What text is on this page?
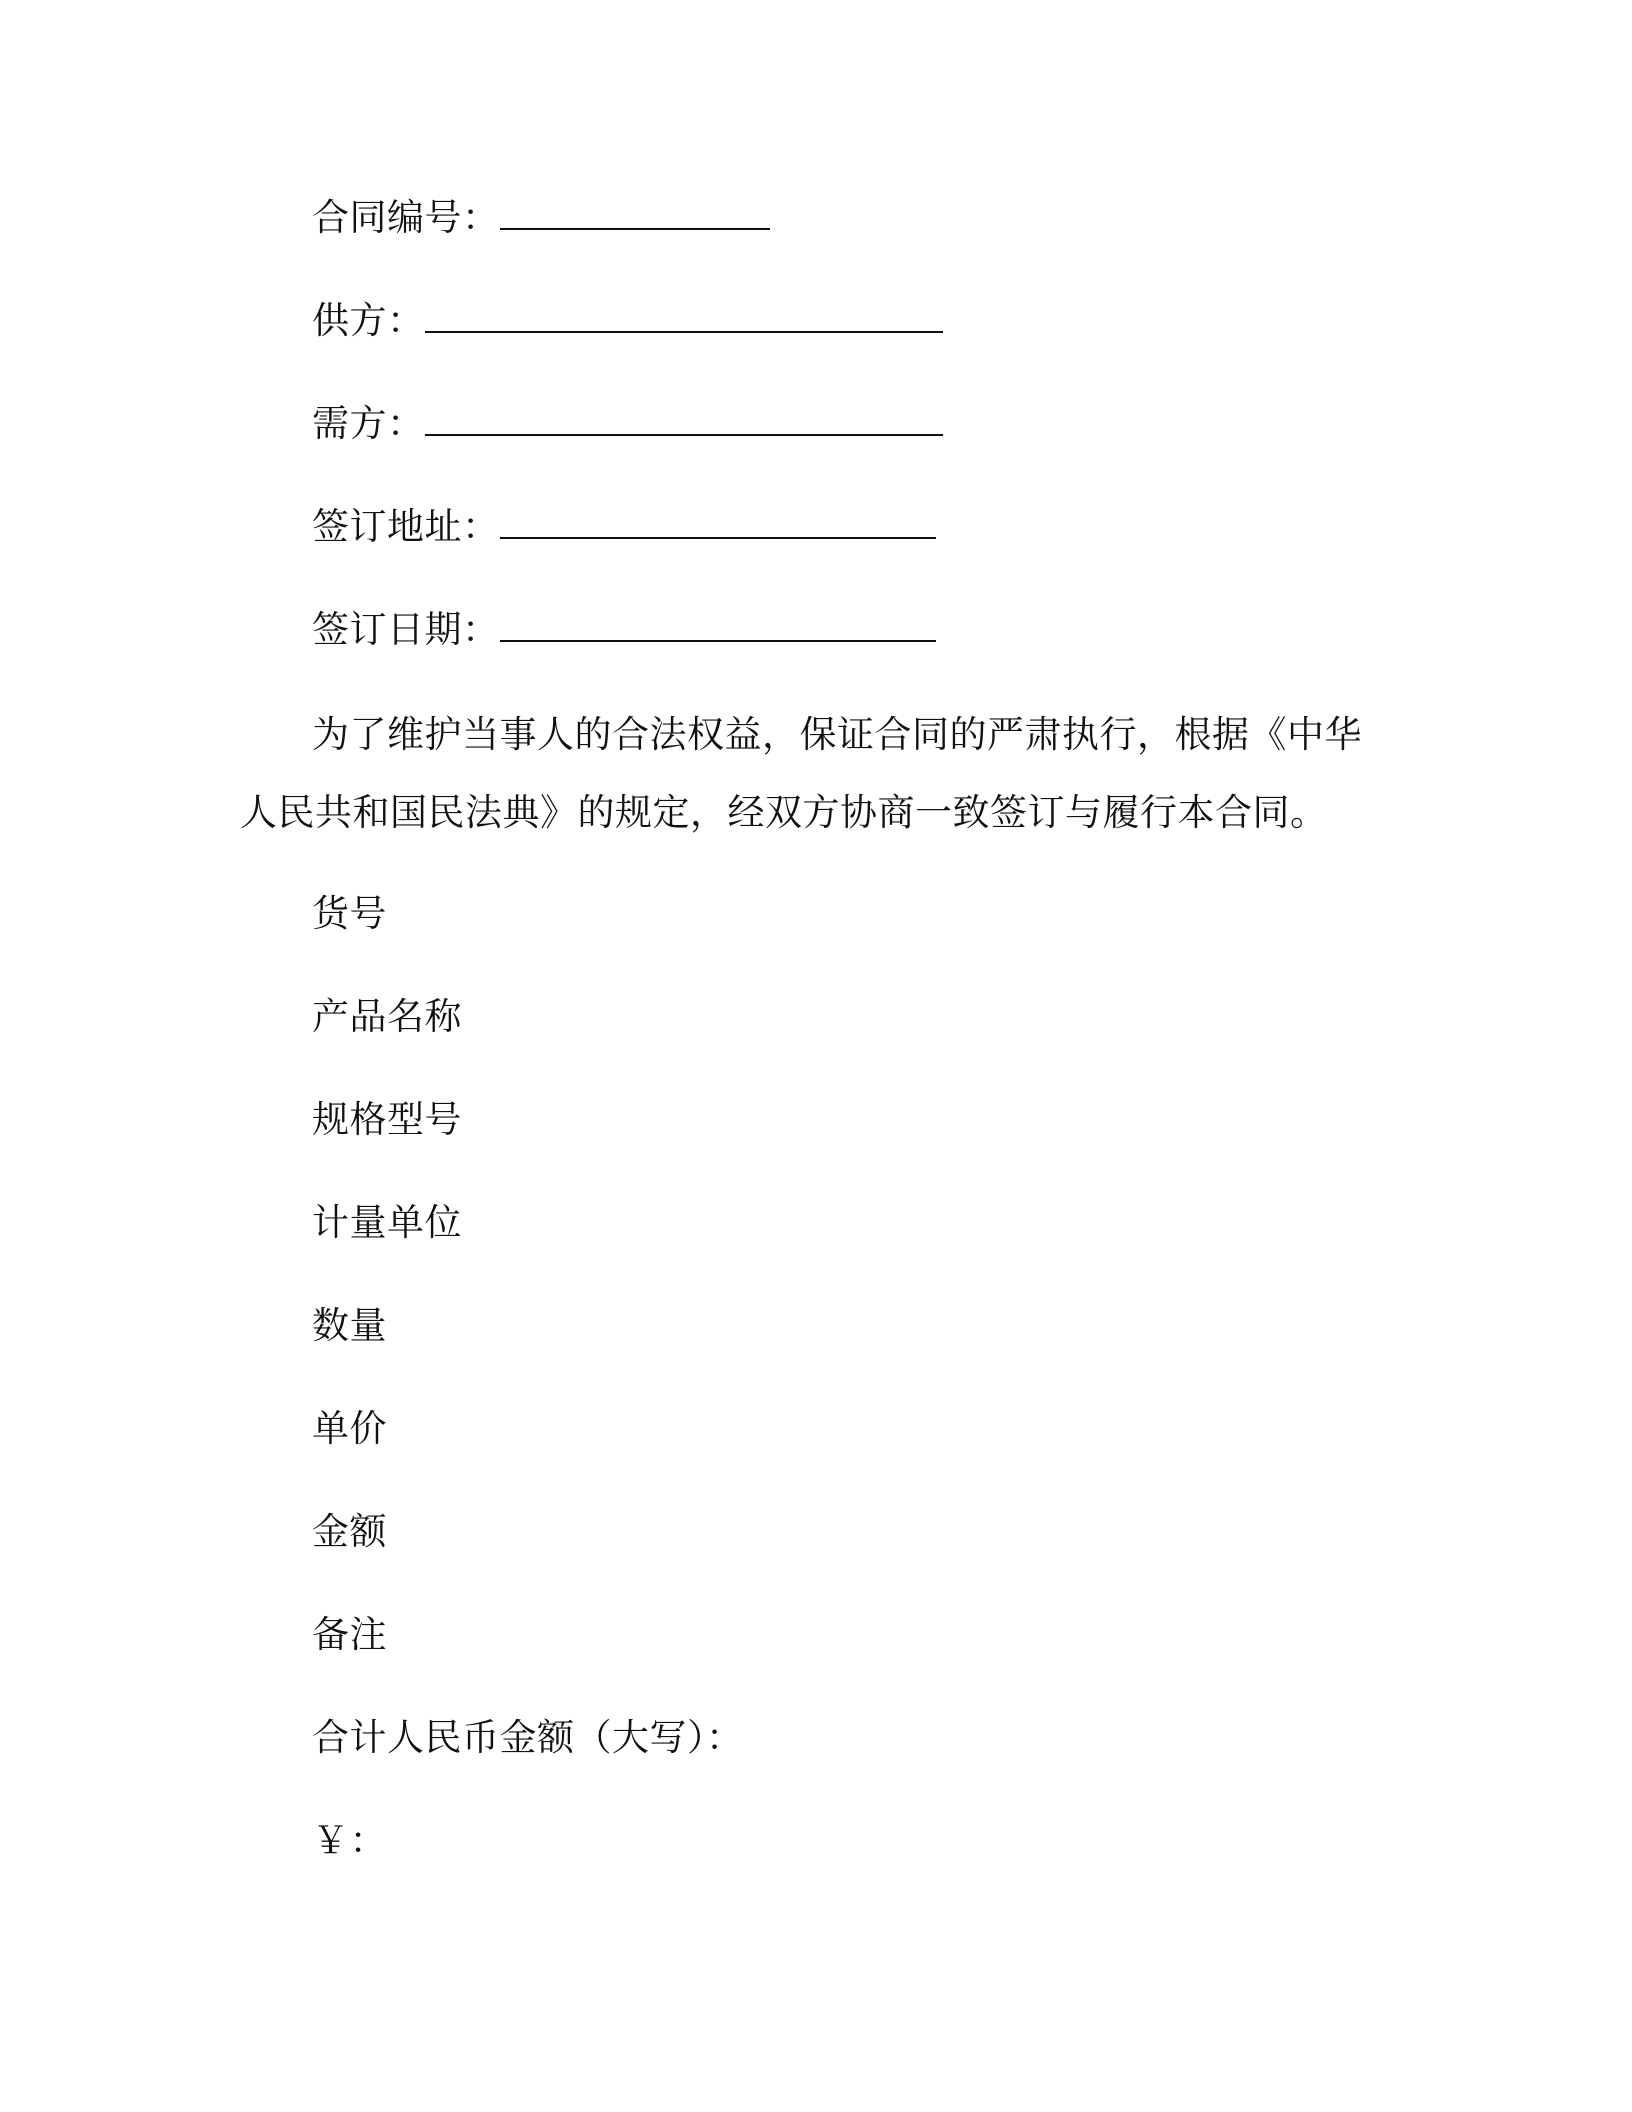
合同编号：
供方：
需方：
签订地址：
签订日期：
为了维护当事人的合法权益，保证合同的严肃执行，根据《中华人民共和国民法典》的规定，经双方协商一致签订与履行本合同。
货号
产品名称
规格型号
计量单位
数量
单价
金额
备注
合计人民币金额（大写）：
￥：
